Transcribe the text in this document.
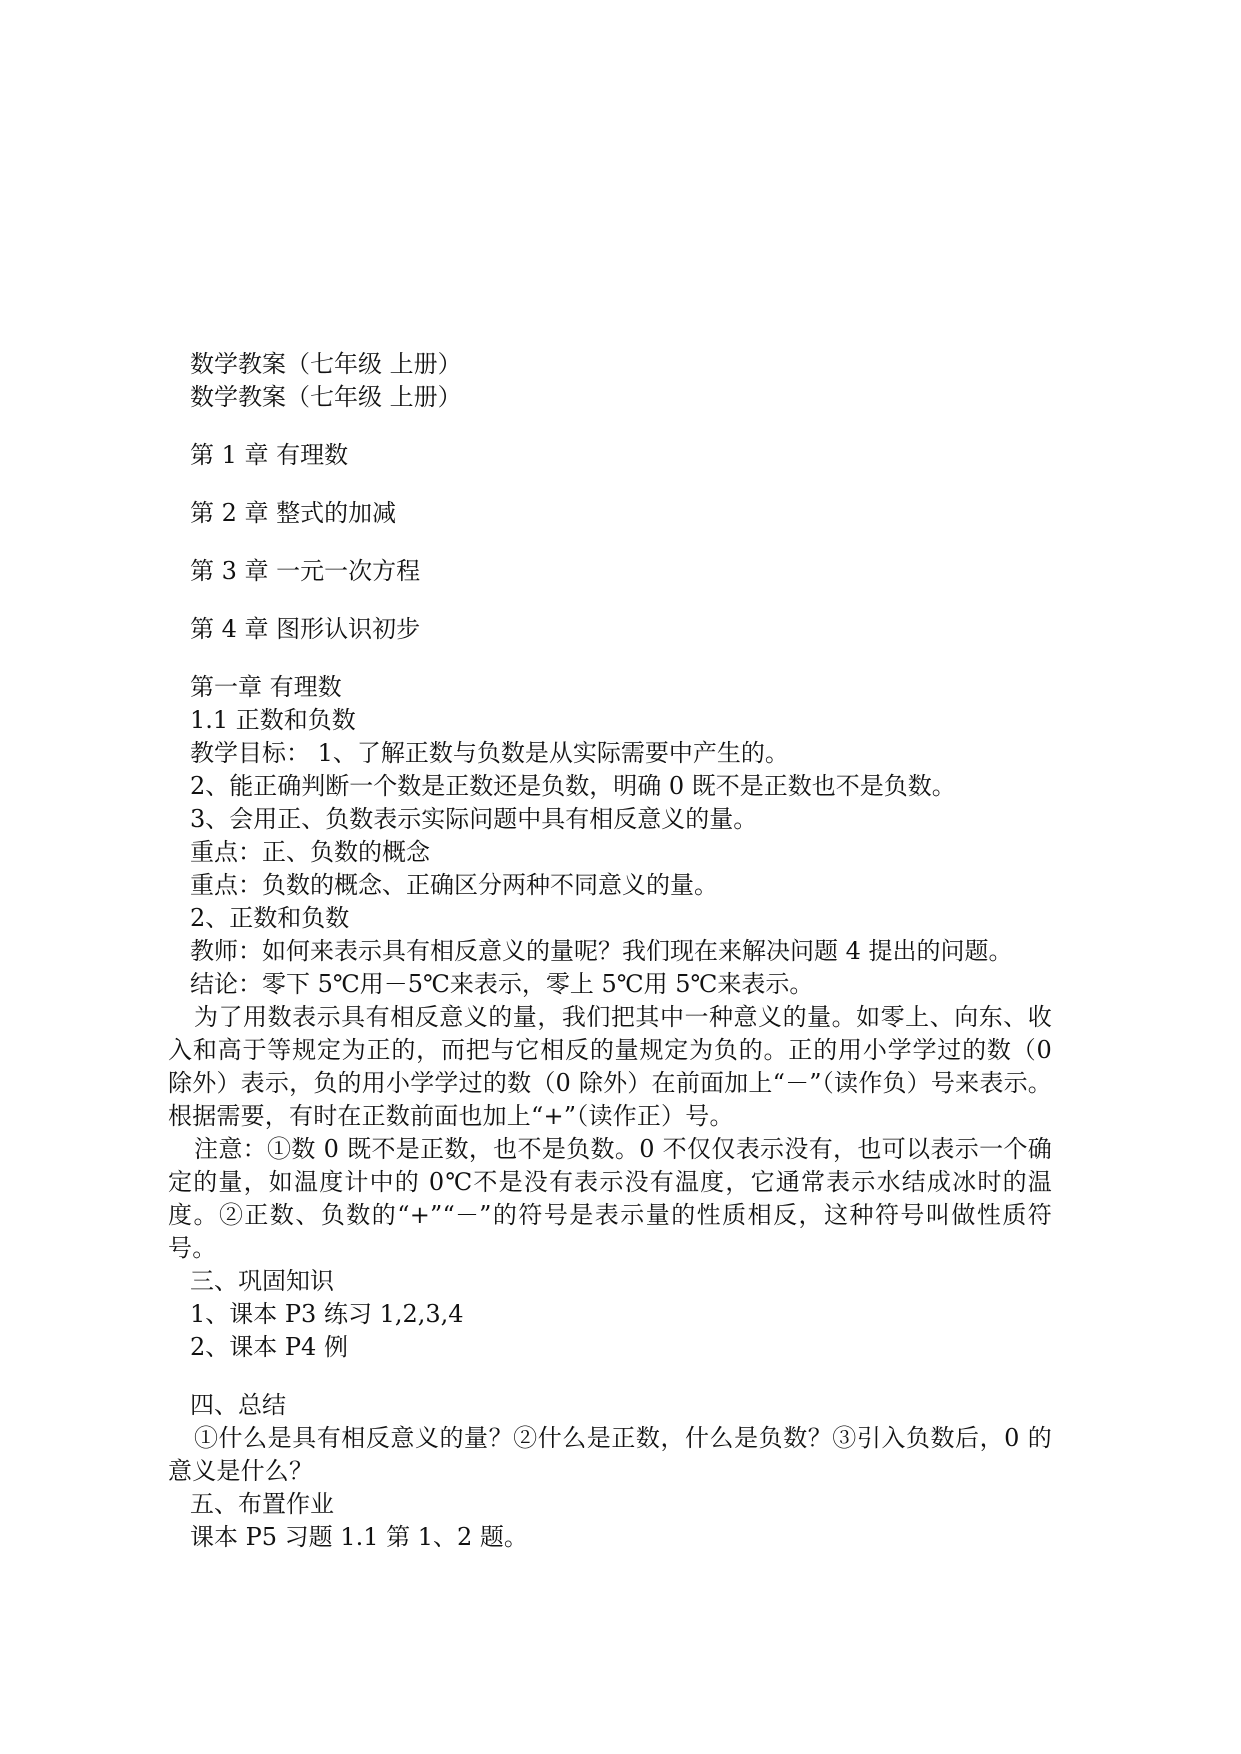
数学教案（七年级 上册）
数学教案（七年级 上册）
第 1 章 有理数
第 2 章 整式的加减
第 3 章 一元一次方程
第 4 章 图形认识初步
第一章 有理数
1.1 正数和负数
教学目标： 1、了解正数与负数是从实际需要中产生的。
2、能正确判断一个数是正数还是负数，明确 0 既不是正数也不是负数。
3、会用正、负数表示实际问题中具有相反意义的量。
重点：正、负数的概念
重点：负数的概念、正确区分两种不同意义的量。
2、正数和负数
教师：如何来表示具有相反意义的量呢？我们现在来解决问题 4 提出的问题。
结论：零下 5℃用－5℃来表示，零上 5℃用 5℃来表示。

为了用数表示具有相反意义的量，我们把其中一种意义的量。如零上、向东、收入和高于等规定为正的，而把与它相反的量规定为负的。正的用小学学过的数（0 除外）表示，负的用小学学过的数（0 除外）在前面加上“－”（读作负）号来表示。根据需要，有时在正数前面也加上“+”（读作正）号。

注意：①数 0 既不是正数，也不是负数。0 不仅仅表示没有，也可以表示一个确定的量，如温度计中的 0℃不是没有表示没有温度，它通常表示水结成冰时的温度。②正数、负数的“+”“－”的符号是表示量的性质相反，这种符号叫做性质符号。

三、巩固知识
1、课本 P3 练习 1,2,3,4
2、课本 P4 例
四、总结

①什么是具有相反意义的量？②什么是正数，什么是负数？③引入负数后，0 的意义是什么？

五、布置作业
课本 P5 习题 1.1 第 1、2 题。
